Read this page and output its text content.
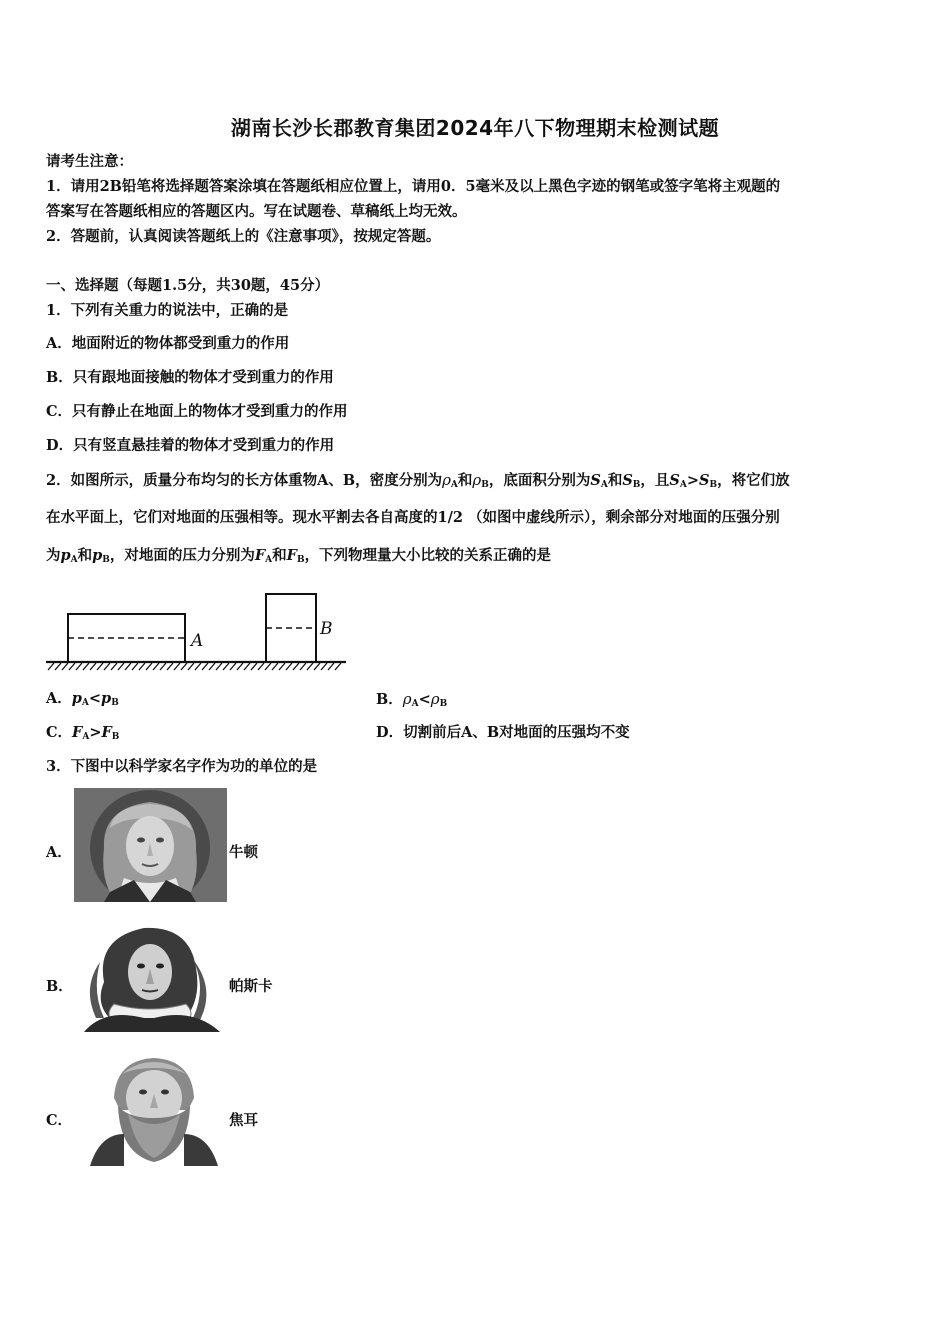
湖南长沙长郡教育集团2024年八下物理期末检测试题
请考生注意：
1．请用2B铅笔将选择题答案涂填在答题纸相应位置上，请用0．5毫米及以上黑色字迹的钢笔或签字笔将主观题的
答案写在答题纸相应的答题区内。写在试题卷、草稿纸上均无效。
2．答题前，认真阅读答题纸上的《注意事项》，按规定答题。
一、选择题（每题1.5分，共30题，45分）
1．下列有关重力的说法中，正确的是
A．地面附近的物体都受到重力的作用
B．只有跟地面接触的物体才受到重力的作用
C．只有静止在地面上的物体才受到重力的作用
D．只有竖直悬挂着的物体才受到重力的作用
2．如图所示，质量分布均匀的长方体重物A、B，密度分别为$\rho_A$和$\rho_B$，底面积分别为$S_A$和$S_B$，且$S_A>S_B$，将它们放
在水平面上，它们对地面的压强相等。现水平割去各自高度的1/2 （如图中虚线所示），剩余部分对地面的压强分别
为$p_A$和$p_B$，对地面的压力分别为$F_A$和$F_B$，下列物理量大小比较的关系正确的是
A
B
A．$p_A<p_B$	B．$\rho_A<\rho_B$
C．$F_A>F_B$	D．切割前后A、B对地面的压强均不变
3．下图中以科学家名字作为功的单位的是
A．	牛顿
B．	帕斯卡
C．	焦耳
